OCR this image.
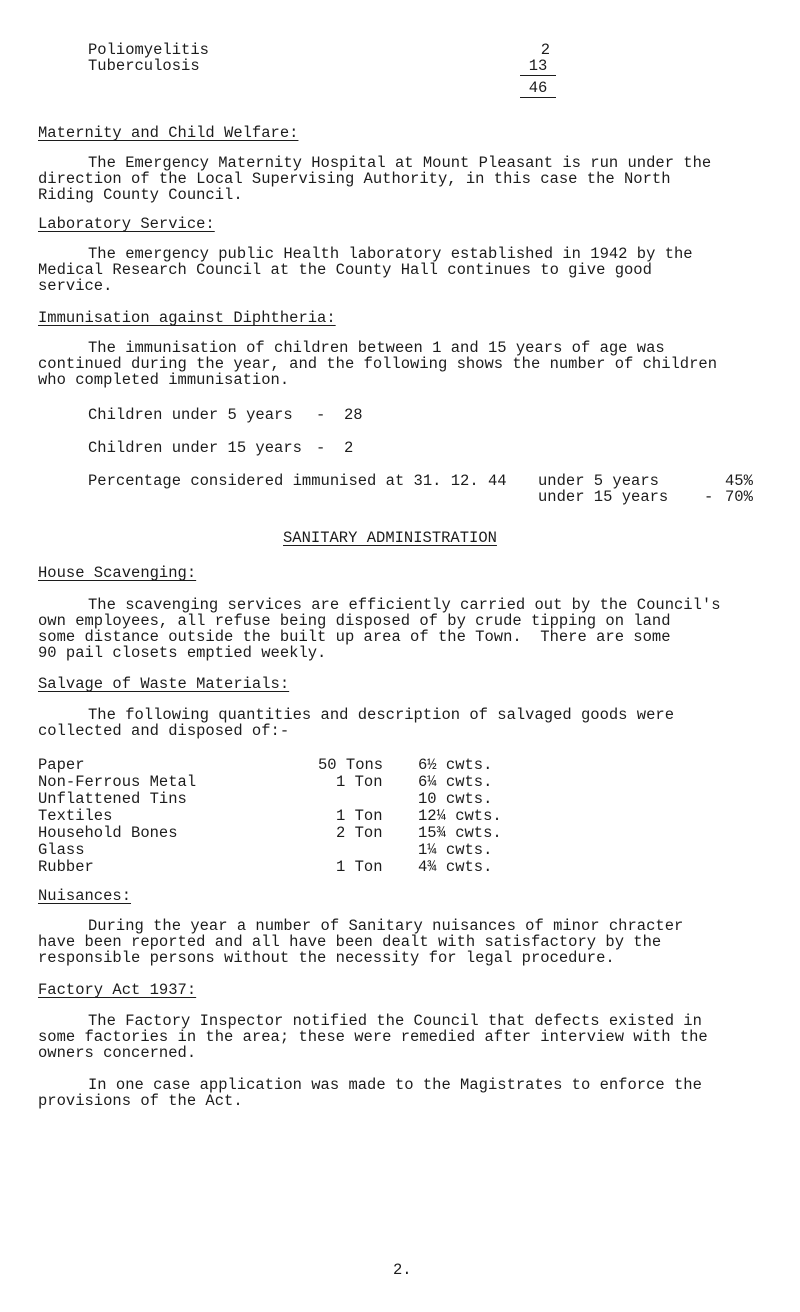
Poliomyelitis	2
Tuberculosis	13
46
Maternity and Child Welfare:
The Emergency Maternity Hospital at Mount Pleasant is run under the
direction of the Local Supervising Authority, in this case the North
Riding County Council.
Laboratory Service:
The emergency public Health laboratory established in 1942 by the
Medical Research Council at the County Hall continues to give good
service.
Immunisation against Diphtheria:
The immunisation of children between 1 and 15 years of age was
continued during the year, and the following shows the number of children
who completed immunisation.
Children under 5 years - 28
Children under 15 years - 2
Percentage considered immunised at 31. 12. 44 under 5 years	45%
under 15 years - 70%
SANITARY ADMINISTRATION
House Scavenging:
The scavenging services are efficiently carried out by the Council's
own employees, all refuse being disposed of by crude tipping on land
some distance outside the built up area of the Town.  There are some
90 pail closets emptied weekly.
Salvage of Waste Materials:
The following quantities and description of salvaged goods were
collected and disposed of:-
Paper	50 Tons	6½ cwts.
Non-Ferrous Metal	1 Ton 6¼ cwts.
Unflattened Tins	10 cwts.
Textiles	1 Ton 12¼ cwts.
Household Bones	2 Ton 15¾ cwts.
Glass	1¼ cwts.
Rubber	1 Ton 4¾ cwts.
Nuisances:
During the year a number of Sanitary nuisances of minor chracter
have been reported and all have been dealt with satisfactory by the
responsible persons without the necessity for legal procedure.
Factory Act 1937:
The Factory Inspector notified the Council that defects existed in
some factories in the area; these were remedied after interview with the
owners concerned.
In one case application was made to the Magistrates to enforce the
provisions of the Act.
2.
